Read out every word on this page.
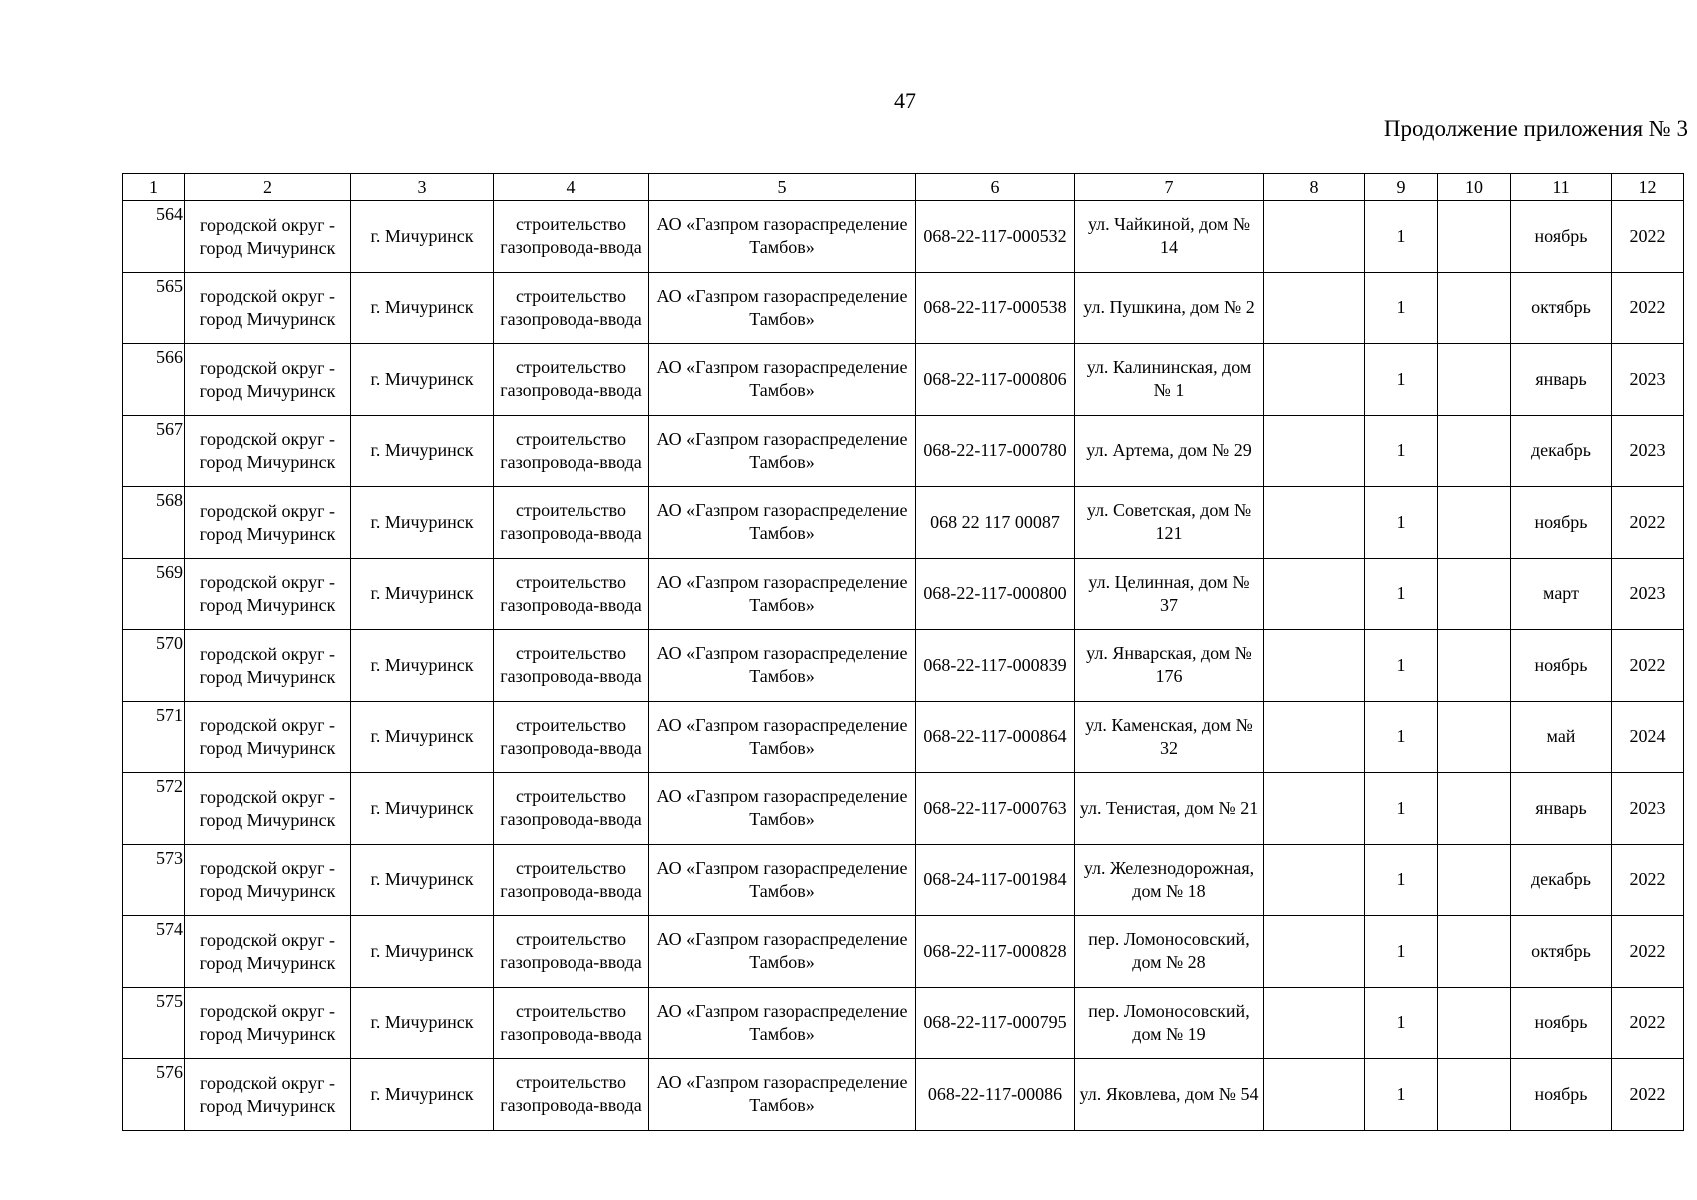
47
Продолжение приложения № 3
1	2	3	4	5	6	7	8	9	10	11	12
564	городской округ - город Мичуринск	г. Мичуринск	строительство газопровода-ввода	АО «Газпром газораспределение Тамбов»	068-22-117-000532	ул. Чайкиной, дом № 14		1		ноябрь	2022
565	городской округ - город Мичуринск	г. Мичуринск	строительство газопровода-ввода	АО «Газпром газораспределение Тамбов»	068-22-117-000538	ул. Пушкина, дом № 2		1		октябрь	2022
566	городской округ - город Мичуринск	г. Мичуринск	строительство газопровода-ввода	АО «Газпром газораспределение Тамбов»	068-22-117-000806	ул. Калининская, дом № 1		1		январь	2023
567	городской округ - город Мичуринск	г. Мичуринск	строительство газопровода-ввода	АО «Газпром газораспределение Тамбов»	068-22-117-000780	ул. Артема, дом № 29		1		декабрь	2023
568	городской округ - город Мичуринск	г. Мичуринск	строительство газопровода-ввода	АО «Газпром газораспределение Тамбов»	068 22 117 00087	ул. Советская, дом № 121		1		ноябрь	2022
569	городской округ - город Мичуринск	г. Мичуринск	строительство газопровода-ввода	АО «Газпром газораспределение Тамбов»	068-22-117-000800	ул. Целинная, дом № 37		1		март	2023
570	городской округ - город Мичуринск	г. Мичуринск	строительство газопровода-ввода	АО «Газпром газораспределение Тамбов»	068-22-117-000839	ул. Январская, дом № 176		1		ноябрь	2022
571	городской округ - город Мичуринск	г. Мичуринск	строительство газопровода-ввода	АО «Газпром газораспределение Тамбов»	068-22-117-000864	ул. Каменская, дом № 32		1		май	2024
572	городской округ - город Мичуринск	г. Мичуринск	строительство газопровода-ввода	АО «Газпром газораспределение Тамбов»	068-22-117-000763	ул. Тенистая, дом № 21		1		январь	2023
573	городской округ - город Мичуринск	г. Мичуринск	строительство газопровода-ввода	АО «Газпром газораспределение Тамбов»	068-24-117-001984	ул. Железнодорожная, дом № 18		1		декабрь	2022
574	городской округ - город Мичуринск	г. Мичуринск	строительство газопровода-ввода	АО «Газпром газораспределение Тамбов»	068-22-117-000828	пер. Ломоносовский, дом № 28		1		октябрь	2022
575	городской округ - город Мичуринск	г. Мичуринск	строительство газопровода-ввода	АО «Газпром газораспределение Тамбов»	068-22-117-000795	пер. Ломоносовский, дом № 19		1		ноябрь	2022
576	городской округ - город Мичуринск	г. Мичуринск	строительство газопровода-ввода	АО «Газпром газораспределение Тамбов»	068-22-117-00086	ул. Яковлева, дом № 54		1		ноябрь	2022
